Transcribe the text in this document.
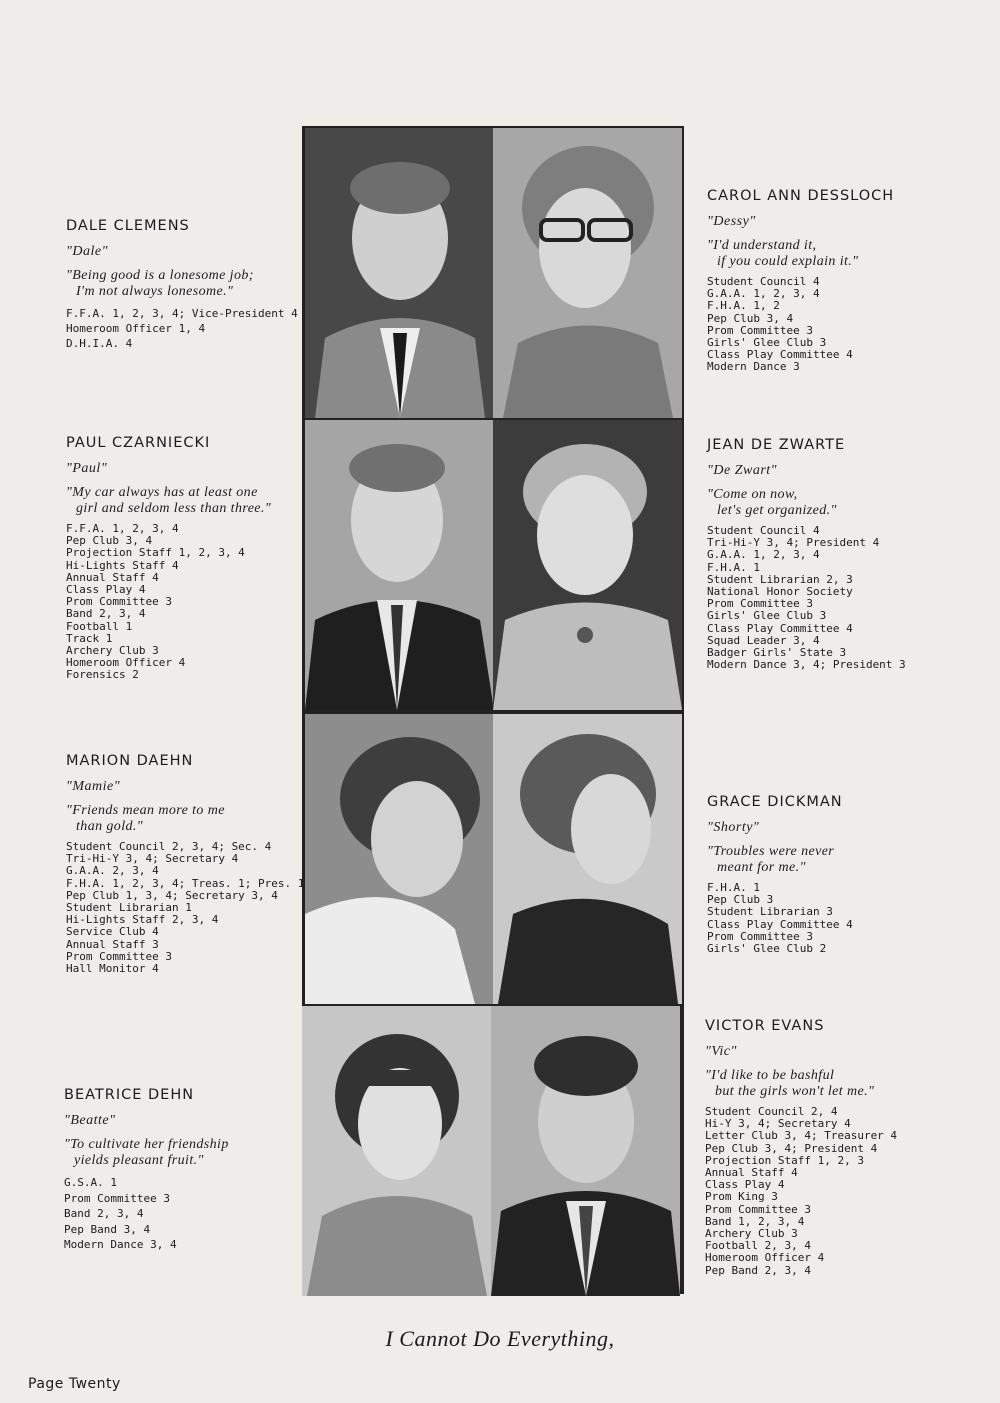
DALE CLEMENS

"Dale"

"Being good is a lonesome job;
I'm not always lonesome."

F.F.A. 1, 2, 3, 4; Vice-President 4
Homeroom Officer 1, 4
D.H.I.A. 4
CAROL ANN DESSLOCH

"Dessy"

"I'd understand it,
if you could explain it."

Student Council 4
G.A.A. 1, 2, 3, 4
F.H.A. 1, 2
Pep Club 3, 4
Prom Committee 3
Girls' Glee Club 3
Class Play Committee 4
Modern Dance 3
PAUL CZARNIECKI

"Paul"

"My car always has at least one
girl and seldom less than three."

F.F.A. 1, 2, 3, 4
Pep Club 3, 4
Projection Staff 1, 2, 3, 4
Hi-Lights Staff 4
Annual Staff 4
Class Play 4
Prom Committee 3
Band 2, 3, 4
Football 1
Track 1
Archery Club 3
Homeroom Officer 4
Forensics 2
JEAN DE ZWARTE

"De Zwart"

"Come on now,
let's get organized."

Student Council 4
Tri-Hi-Y 3, 4; President 4
G.A.A. 1, 2, 3, 4
F.H.A. 1
Student Librarian 2, 3
National Honor Society
Prom Committee 3
Girls' Glee Club 3
Class Play Committee 4
Squad Leader 3, 4
Badger Girls' State 3
Modern Dance 3, 4; President 3
MARION DAEHN

"Mamie"

"Friends mean more to me
than gold."

Student Council 2, 3, 4; Sec. 4
Tri-Hi-Y 3, 4; Secretary 4
G.A.A. 2, 3, 4
F.H.A. 1, 2, 3, 4; Treas. 1; Pres. 1
Pep Club 1, 3, 4; Secretary 3, 4
Student Librarian 1
Hi-Lights Staff 2, 3, 4
Service Club 4
Annual Staff 3
Prom Committee 3
Hall Monitor 4
GRACE DICKMAN

"Shorty"

"Troubles were never
meant for me."

F.H.A. 1
Pep Club 3
Student Librarian 3
Class Play Committee 4
Prom Committee 3
Girls' Glee Club 2
BEATRICE DEHN

"Beatte"

"To cultivate her friendship
yields pleasant fruit."

G.S.A. 1
Prom Committee 3
Band 2, 3, 4
Pep Band 3, 4
Modern Dance 3, 4
VICTOR EVANS

"Vic"

"I'd like to be bashful
but the girls won't let me."

Student Council 2, 4
Hi-Y 3, 4; Secretary 4
Letter Club 3, 4; Treasurer 4
Pep Club 3, 4; President 4
Projection Staff 1, 2, 3
Annual Staff 4
Class Play 4
Prom King 3
Prom Committee 3
Band 1, 2, 3, 4
Archery Club 3
Football 2, 3, 4
Homeroom Officer 4
Pep Band 2, 3, 4
I Cannot Do Everything,
Page Twenty
